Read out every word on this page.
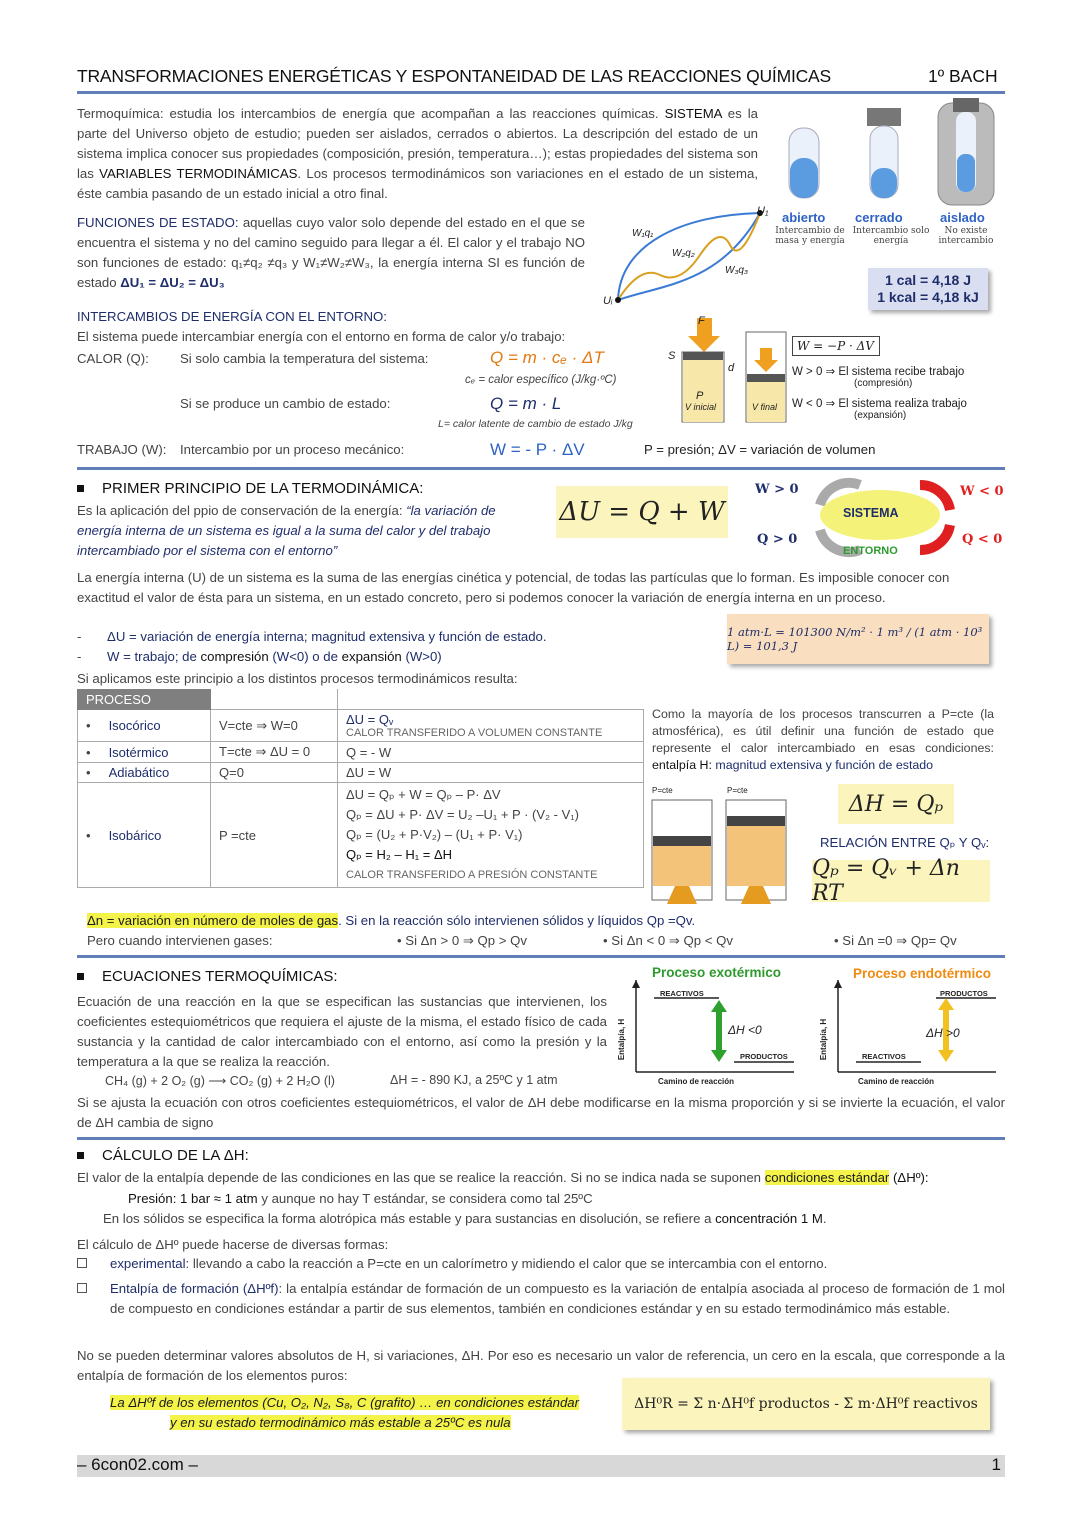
TRANSFORMACIONES ENERGÉTICAS Y ESPONTANEIDAD DE LAS REACCIONES QUÍMICAS	1º BACH
Termoquímica: estudia los intercambios de energía que acompañan a las reacciones químicas. SISTEMA es la parte del Universo objeto de estudio; pueden ser aislados, cerrados o abiertos. La descripción del estado de un sistema implica conocer sus propiedades (composición, presión, temperatura…); estas propiedades del sistema son las VARIABLES TERMODINÁMICAS. Los procesos termodinámicos son variaciones en el estado de un sistema, éste cambia pasando de un estado inicial a otro final.
abierto
Intercambio de masa y energía
cerrado
Intercambio solo energía
aislado
No existe intercambio
1 cal = 4,18 J
1 kcal = 4,18 kJ
FUNCIONES DE ESTADO: aquellas cuyo valor solo depende del estado en el que se encuentra el sistema y no del camino seguido para llegar a él. El calor y el trabajo NO son funciones de estado: q₁≠q₂ ≠q₃ y W₁≠W₂≠W₃, la energía interna SI es función de estado ΔU₁ = ΔU₂ = ΔU₃
U₁
Uᵢ
W₁q₁
W₂q₂
W₃q₃
INTERCAMBIOS DE ENERGÍA CON EL ENTORNO:
El sistema puede intercambiar energía con el entorno en forma de calor y/o trabajo:
CALOR (Q): Si solo cambia la temperatura del sistema:	Q = m · cₑ · ΔT
cₑ = calor específico (J/kg·ºC)
Si se produce un cambio de estado:	Q = m · L
L= calor latente de cambio de estado J/kg
TRABAJO (W): Intercambio por un proceso mecánico:	W = - P · ΔV	P = presión; ΔV = variación de volumen
F
S
d
P
V inicial	V final
W = −P · ΔV
W > 0 ⇒ El sistema recibe trabajo
(compresión)
W < 0 ⇒ El sistema realiza trabajo
(expansión)
PRIMER PRINCIPIO DE LA TERMODINÁMICA:
Es la aplicación del ppio de conservación de la energía: “la variación de energía interna de un sistema es igual a la suma del calor y del trabajo intercambiado por el sistema con el entorno”
ΔU = Q + W	SISTEMA
ENTORNO
W > 0	W < 0
Q > 0	Q < 0
La energía interna (U) de un sistema es la suma de las energías cinética y potencial, de todas las partículas que lo forman. Es imposible conocer con exactitud el valor de ésta para un sistema, en un estado concreto, pero si podemos conocer la variación de energía interna en un proceso.
-       ΔU = variación de energía interna; magnitud extensiva y función de estado.
-       W = trabajo; de compresión (W<0) o de expansión (W>0)
Si aplicamos este principio a los distintos procesos termodinámicos resulta:
1 atm·L = 101300 N/m² · 1 m³ / (1 atm · 10³ L) = 101,3 J
PROCESO		
• Isocórico	V=cte ⇒ W=0	ΔU = Qᵥ
CALOR TRANSFERIDO A VOLUMEN CONSTANTE

• Isotérmico	T=cte ⇒ ΔU = 0	Q = - W
• Adiabático	Q=0	ΔU = W
• Isobárico	P =cte	ΔU = Qₚ + W = Qₚ – P· ΔV
Qₚ = ΔU + P· ΔV = U₂ –U₁ + P · (V₂ - V₁)
Qₚ = (U₂ + P·V₂) – (U₁ + P· V₁)
Qₚ = H₂ – H₁ = ΔH
CALOR TRANSFERIDO A PRESIÓN CONSTANTE
Como la mayoría de los procesos transcurren a P=cte (la atmosférica), es útil definir una función de estado que represente el calor intercambiado en esas condiciones: entalpía H: magnitud extensiva y función de estado
P=cte	P=cte
ΔH = Qₚ
RELACIÓN ENTRE Qₚ Y Qᵥ:
Qₚ = Qᵥ + Δn RT
Δn = variación en número de moles de gas. Si en la reacción sólo intervienen sólidos y líquidos Qp =Qv.
Pero cuando intervienen gases:	• Si Δn > 0 ⇒ Qp > Qv	• Si Δn < 0 ⇒ Qp < Qv	• Si Δn =0 ⇒ Qp= Qv
ECUACIONES TERMOQUÍMICAS:
Ecuación de una reacción en la que se especifican las sustancias que intervienen, los coeficientes estequiométricos que requiera el ajuste de la misma, el estado físico de cada sustancia y la cantidad de calor intercambiado con el entorno, así como la presión y la temperatura a la que se realiza la reacción.
CH₄ (g) + 2 O₂ (g) ⟶ CO₂ (g) + 2 H₂O (l)	ΔH = - 890 KJ, a 25ºC y 1 atm
Proceso exotérmico	Proceso endotérmico
REACTIVOS
PRODUCTOS
ΔH <0
Camino de reacción
Entalpía, H
PRODUCTOS
REACTIVOS
ΔH >0
Camino de reacción
Entalpía, H
Si se ajusta la ecuación con otros coeficientes estequiométricos, el valor de ΔH debe modificarse en la misma proporción y si se invierte la ecuación, el valor de ΔH cambia de signo
CÁLCULO DE LA ΔH:
El valor de la entalpía depende de las condiciones en las que se realice la reacción. Si no se indica nada se suponen condiciones estándar (ΔHº):
Presión: 1 bar ≈ 1 atm y aunque no hay T estándar, se considera como tal 25ºC
En los sólidos se especifica la forma alotrópica más estable y para sustancias en disolución, se refiere a concentración 1 M.
El cálculo de ΔHº puede hacerse de diversas formas:
experimental: llevando a cabo la reacción a P=cte en un calorímetro y midiendo el calor que se intercambia con el entorno.
Entalpía de formación (ΔHºf): la entalpía estándar de formación de un compuesto es la variación de entalpía asociada al proceso de formación de 1 mol de compuesto en condiciones estándar a partir de sus elementos, también en condiciones estándar y en su estado termodinámico más estable.
No se pueden determinar valores absolutos de H, si variaciones, ΔH. Por eso es necesario un valor de referencia, un cero en la escala, que corresponde a la entalpía de formación de los elementos puros:
La ΔHºf de los elementos (Cu, O₂, N₂, S₈, C (grafito) … en condiciones estándar
y en su estado termodinámico más estable a 25ºC es nula
ΔH⁰R = Σ n·ΔH⁰f productos - Σ m·ΔH⁰f reactivos
– 6con02.com –	1
